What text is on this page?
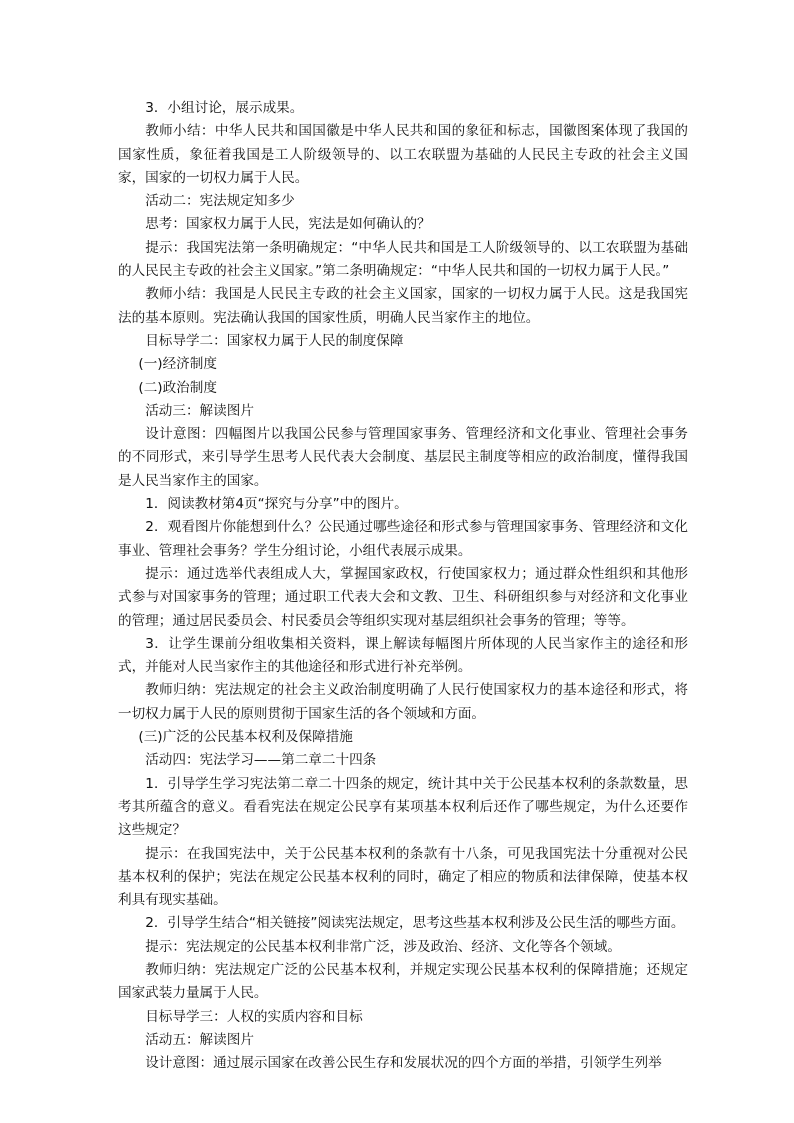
3．小组讨论，展示成果。

教师小结：中华人民共和国国徽是中华人民共和国的象征和标志，国徽图案体现了我国的国家性质，象征着我国是工人阶级领导的、以工农联盟为基础的人民民主专政的社会主义国家，国家的一切权力属于人民。

活动二：宪法规定知多少

思考：国家权力属于人民，宪法是如何确认的？

提示：我国宪法第一条明确规定：“中华人民共和国是工人阶级领导的、以工农联盟为基础的人民民主专政的社会主义国家。”第二条明确规定：“中华人民共和国的一切权力属于人民。”

教师小结：我国是人民民主专政的社会主义国家，国家的一切权力属于人民。这是我国宪法的基本原则。宪法确认我国的国家性质，明确人民当家作主的地位。

目标导学二：国家权力属于人民的制度保障

(一)经济制度

(二)政治制度

活动三：解读图片

设计意图：四幅图片以我国公民参与管理国家事务、管理经济和文化事业、管理社会事务的不同形式，来引导学生思考人民代表大会制度、基层民主制度等相应的政治制度，懂得我国是人民当家作主的国家。

1．阅读教材第4页“探究与分享”中的图片。

2．观看图片你能想到什么？公民通过哪些途径和形式参与管理国家事务、管理经济和文化事业、管理社会事务？学生分组讨论，小组代表展示成果。

提示：通过选举代表组成人大，掌握国家政权，行使国家权力；通过群众性组织和其他形式参与对国家事务的管理；通过职工代表大会和文教、卫生、科研组织参与对经济和文化事业的管理；通过居民委员会、村民委员会等组织实现对基层组织社会事务的管理；等等。

3．让学生课前分组收集相关资料，课上解读每幅图片所体现的人民当家作主的途径和形式，并能对人民当家作主的其他途径和形式进行补充举例。

教师归纳：宪法规定的社会主义政治制度明确了人民行使国家权力的基本途径和形式，将一切权力属于人民的原则贯彻于国家生活的各个领域和方面。

(三)广泛的公民基本权利及保障措施

活动四：宪法学习——第二章二十四条

1．引导学生学习宪法第二章二十四条的规定，统计其中关于公民基本权利的条款数量，思考其所蕴含的意义。看看宪法在规定公民享有某项基本权利后还作了哪些规定，为什么还要作这些规定？

提示：在我国宪法中，关于公民基本权利的条款有十八条，可见我国宪法十分重视对公民基本权利的保护；宪法在规定公民基本权利的同时，确定了相应的物质和法律保障，使基本权利具有现实基础。

2．引导学生结合“相关链接”阅读宪法规定，思考这些基本权利涉及公民生活的哪些方面。

提示：宪法规定的公民基本权利非常广泛，涉及政治、经济、文化等各个领域。

教师归纳：宪法规定广泛的公民基本权利，并规定实现公民基本权利的保障措施；还规定国家武装力量属于人民。

目标导学三：人权的实质内容和目标

活动五：解读图片

设计意图：通过展示国家在改善公民生存和发展状况的四个方面的举措，引领学生列举
